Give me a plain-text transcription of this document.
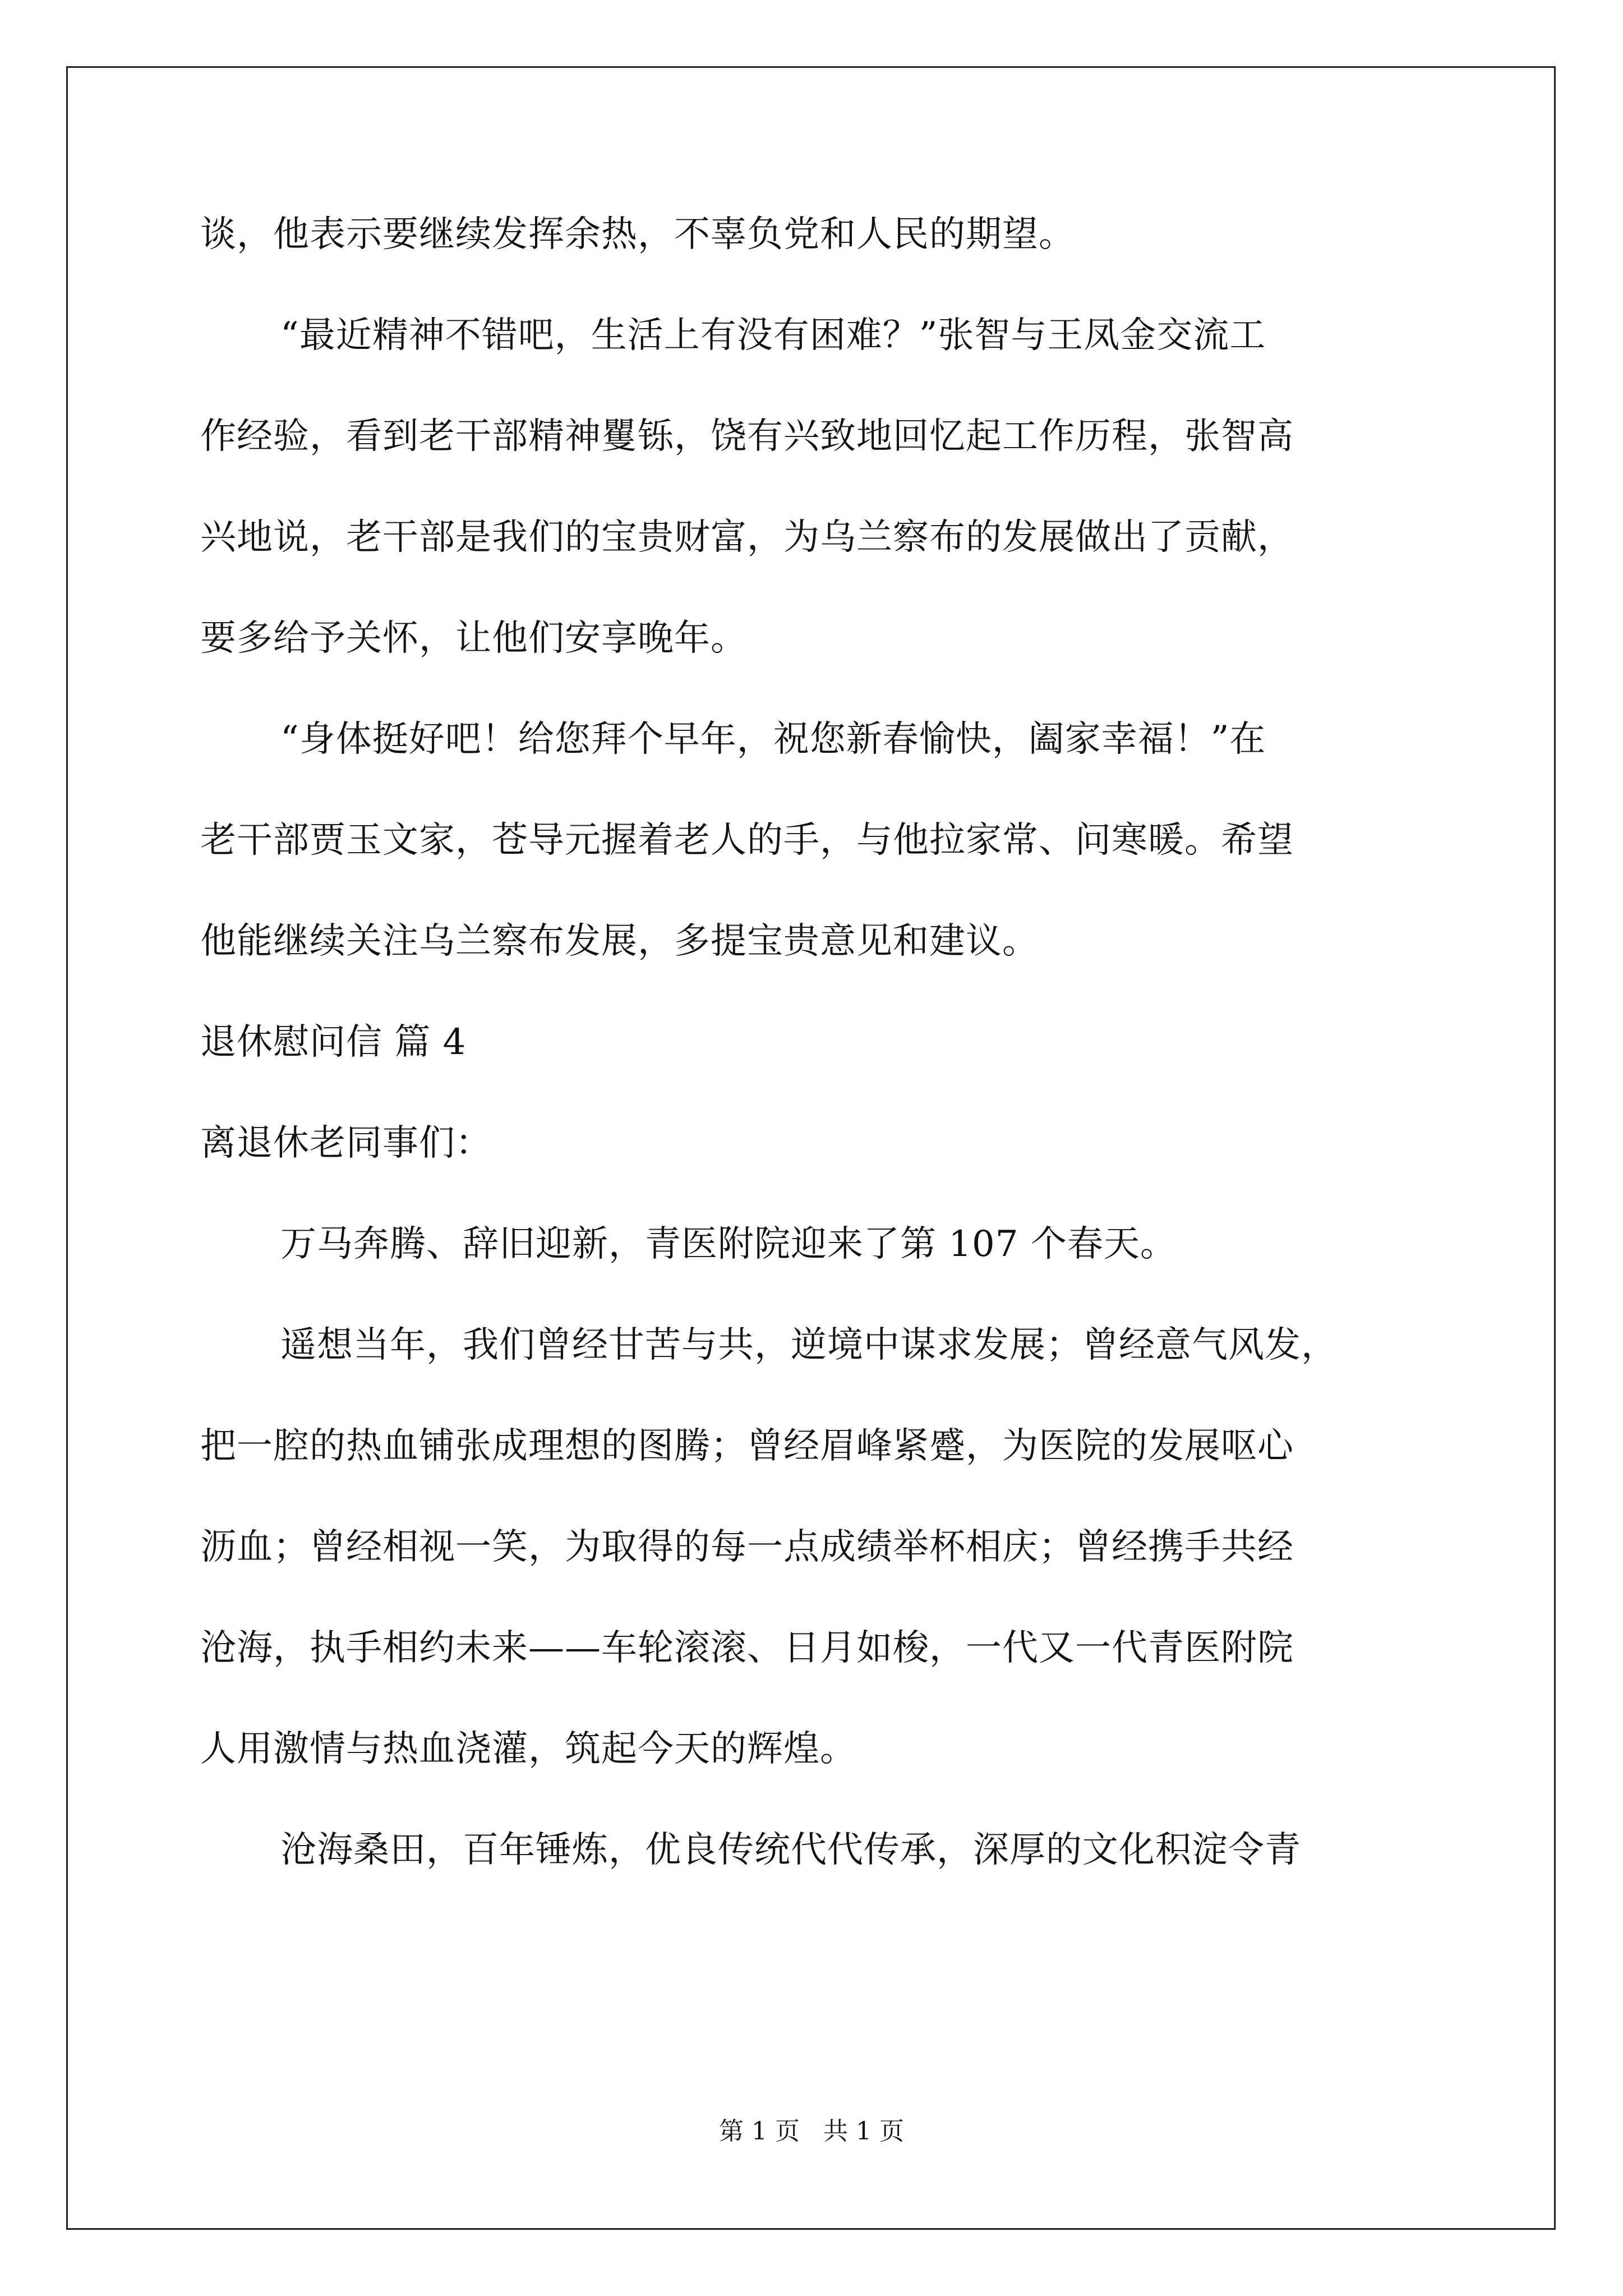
谈，他表示要继续发挥余热，不辜负党和人民的期望。
“最近精神不错吧，生活上有没有困难？”张智与王凤金交流工
作经验，看到老干部精神矍铄，饶有兴致地回忆起工作历程，张智高
兴地说，老干部是我们的宝贵财富，为乌兰察布的发展做出了贡献，
要多给予关怀，让他们安享晚年。
“身体挺好吧！给您拜个早年，祝您新春愉快，阖家幸福！”在
老干部贾玉文家，苍导元握着老人的手，与他拉家常、问寒暖。希望
他能继续关注乌兰察布发展，多提宝贵意见和建议。
退休慰问信 篇 4
离退休老同事们：
万马奔腾、辞旧迎新，青医附院迎来了第 107 个春天。
遥想当年，我们曾经甘苦与共，逆境中谋求发展；曾经意气风发，
把一腔的热血铺张成理想的图腾；曾经眉峰紧蹙，为医院的发展呕心
沥血；曾经相视一笑，为取得的每一点成绩举杯相庆；曾经携手共经
沧海，执手相约未来——车轮滚滚、日月如梭，一代又一代青医附院
人用激情与热血浇灌，筑起今天的辉煌。
沧海桑田，百年锤炼，优良传统代代传承，深厚的文化积淀令青
第 1 页 共 1 页
